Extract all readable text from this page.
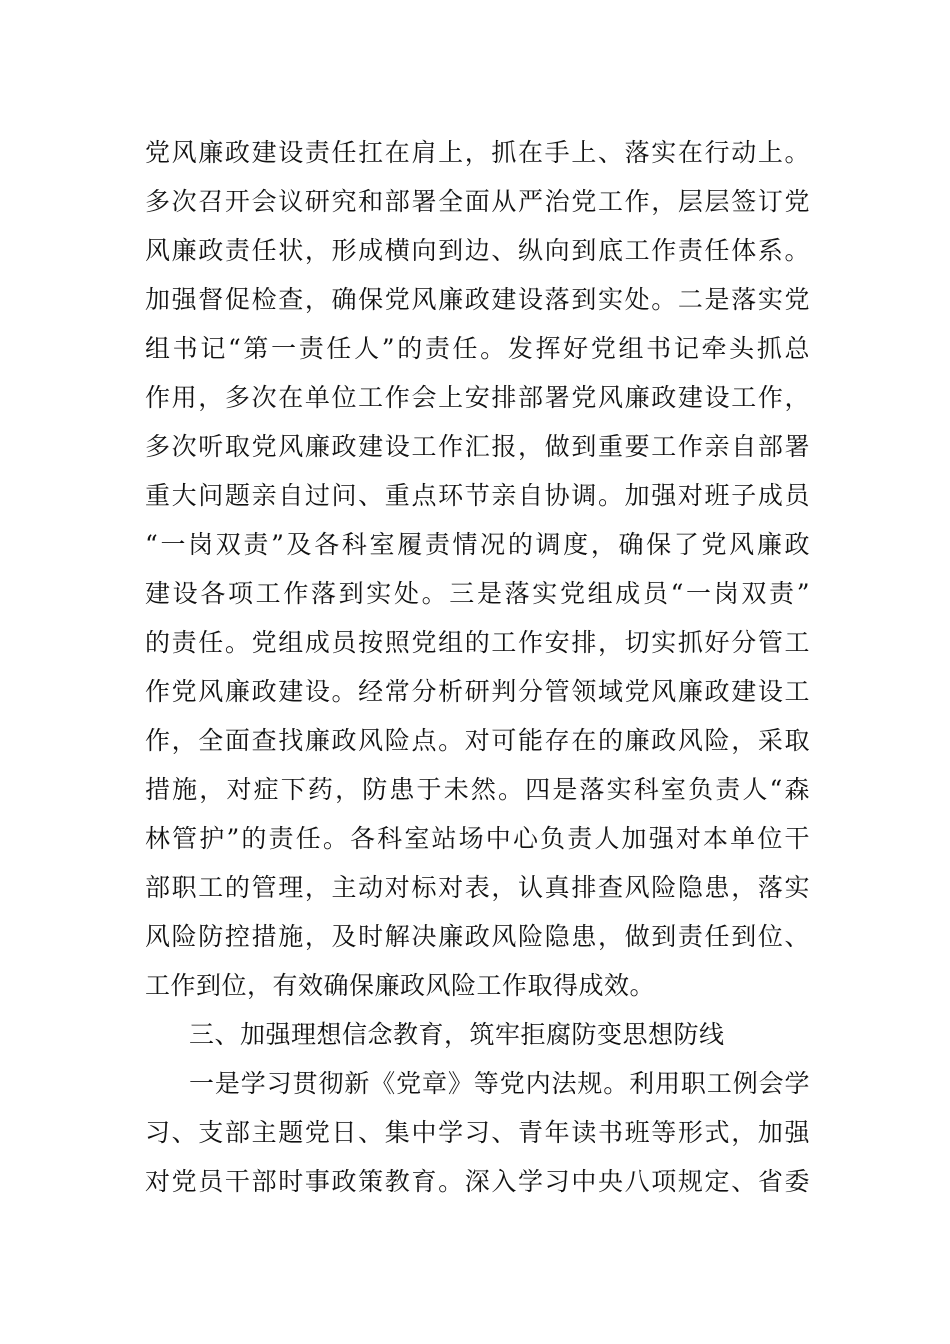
党风廉政建设责任扛在肩上，抓在手上、落实在行动上。
多次召开会议研究和部署全面从严治党工作，层层签订党
风廉政责任状，形成横向到边、纵向到底工作责任体系。
加强督促检查，确保党风廉政建设落到实处。二是落实党
组书记“第一责任人”的责任。发挥好党组书记牵头抓总
作用，多次在单位工作会上安排部署党风廉政建设工作，
多次听取党风廉政建设工作汇报，做到重要工作亲自部署
重大问题亲自过问、重点环节亲自协调。加强对班子成员
“一岗双责”及各科室履责情况的调度，确保了党风廉政
建设各项工作落到实处。三是落实党组成员“一岗双责”
的责任。党组成员按照党组的工作安排，切实抓好分管工
作党风廉政建设。经常分析研判分管领域党风廉政建设工
作，全面查找廉政风险点。对可能存在的廉政风险，采取
措施，对症下药，防患于未然。四是落实科室负责人“森
林管护”的责任。各科室站场中心负责人加强对本单位干
部职工的管理，主动对标对表，认真排查风险隐患，落实
风险防控措施，及时解决廉政风险隐患，做到责任到位、
工作到位，有效确保廉政风险工作取得成效。
三、加强理想信念教育，筑牢拒腐防变思想防线
一是学习贯彻新《党章》等党内法规。利用职工例会学
习、支部主题党日、集中学习、青年读书班等形式，加强
对党员干部时事政策教育。深入学习中央八项规定、省委
